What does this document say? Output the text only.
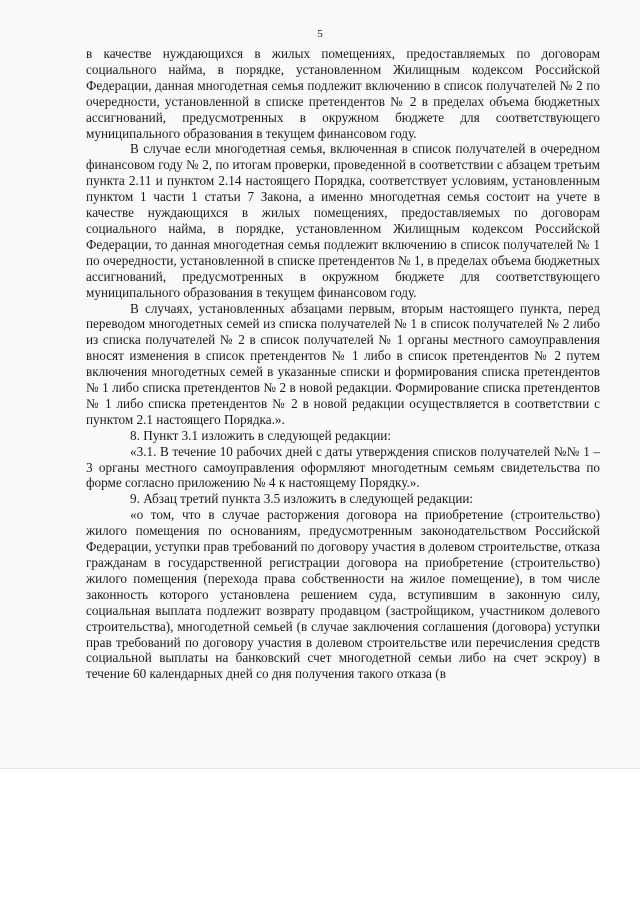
5

в качестве нуждающихся в жилых помещениях, предоставляемых по договорам социального найма, в порядке, установленном Жилищным кодексом Российской Федерации, данная многодетная семья подлежит включению в список получателей № 2 по очередности, установленной в списке претендентов № 2 в пределах объема бюджетных ассигнований, предусмотренных в окружном бюджете для соответствующего муниципального образования в текущем финансовом году.

В случае если многодетная семья, включенная в список получателей в очередном финансовом году № 2, по итогам проверки, проведенной в соответствии с абзацем третьим пункта 2.11 и пунктом 2.14 настоящего Порядка, соответствует условиям, установленным пунктом 1 части 1 статьи 7 Закона, а именно многодетная семья состоит на учете в качестве нуждающихся в жилых помещениях, предоставляемых по договорам социального найма, в порядке, установленном Жилищным кодексом Российской Федерации, то данная многодетная семья подлежит включению в список получателей № 1 по очередности, установленной в списке претендентов № 1, в пределах объема бюджетных ассигнований, предусмотренных в окружном бюджете для соответствующего муниципального образования в текущем финансовом году.

В случаях, установленных абзацами первым, вторым настоящего пункта, перед переводом многодетных семей из списка получателей № 1 в список получателей № 2 либо из списка получателей № 2 в список получателей № 1 органы местного самоуправления вносят изменения в список претендентов № 1 либо в список претендентов № 2 путем включения многодетных семей в указанные списки и формирования списка претендентов № 1 либо списка претендентов № 2 в новой редакции. Формирование списка претендентов № 1 либо списка претендентов № 2 в новой редакции осуществляется в соответствии с пунктом 2.1 настоящего Порядка.».

8. Пункт 3.1 изложить в следующей редакции:

«3.1. В течение 10 рабочих дней с даты утверждения списков получателей №№ 1 – 3 органы местного самоуправления оформляют многодетным семьям свидетельства по форме согласно приложению № 4 к настоящему Порядку.».

9. Абзац третий пункта 3.5 изложить в следующей редакции:

«о том, что в случае расторжения договора на приобретение (строительство) жилого помещения по основаниям, предусмотренным законодательством Российской Федерации, уступки прав требований по договору участия в долевом строительстве, отказа гражданам в государственной регистрации договора на приобретение (строительство) жилого помещения (перехода права собственности на жилое помещение), в том числе законность которого установлена решением суда, вступившим в законную силу, социальная выплата подлежит возврату продавцом (застройщиком, участником долевого строительства), многодетной семьей (в случае заключения соглашения (договора) уступки прав требований по договору участия в долевом строительстве или перечисления средств социальной выплаты на банковский счет многодетной семьи либо на счет эскроу) в течение 60 календарных дней со дня получения такого отказа (в
